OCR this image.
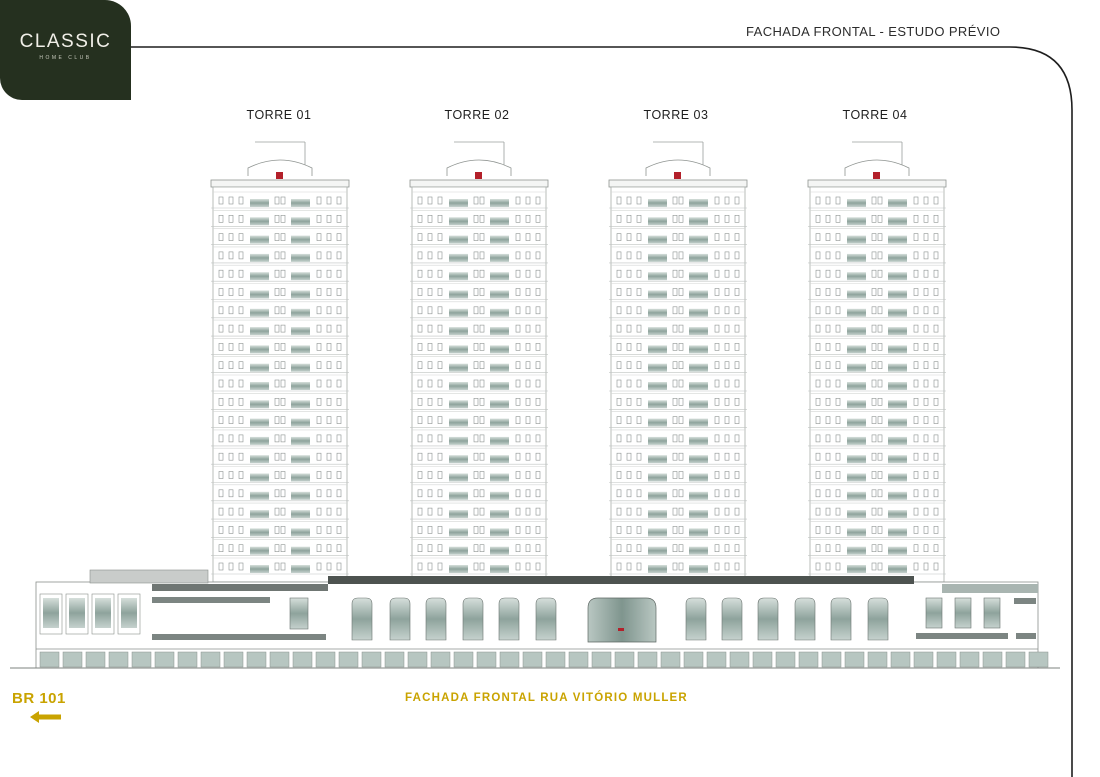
CLASSIC
HOME CLUB
FACHADA FRONTAL - ESTUDO PRÉVIO
TORRE 01	TORRE 02	TORRE 03	TORRE 04
BR 101	FACHADA FRONTAL RUA VITÓRIO MULLER
